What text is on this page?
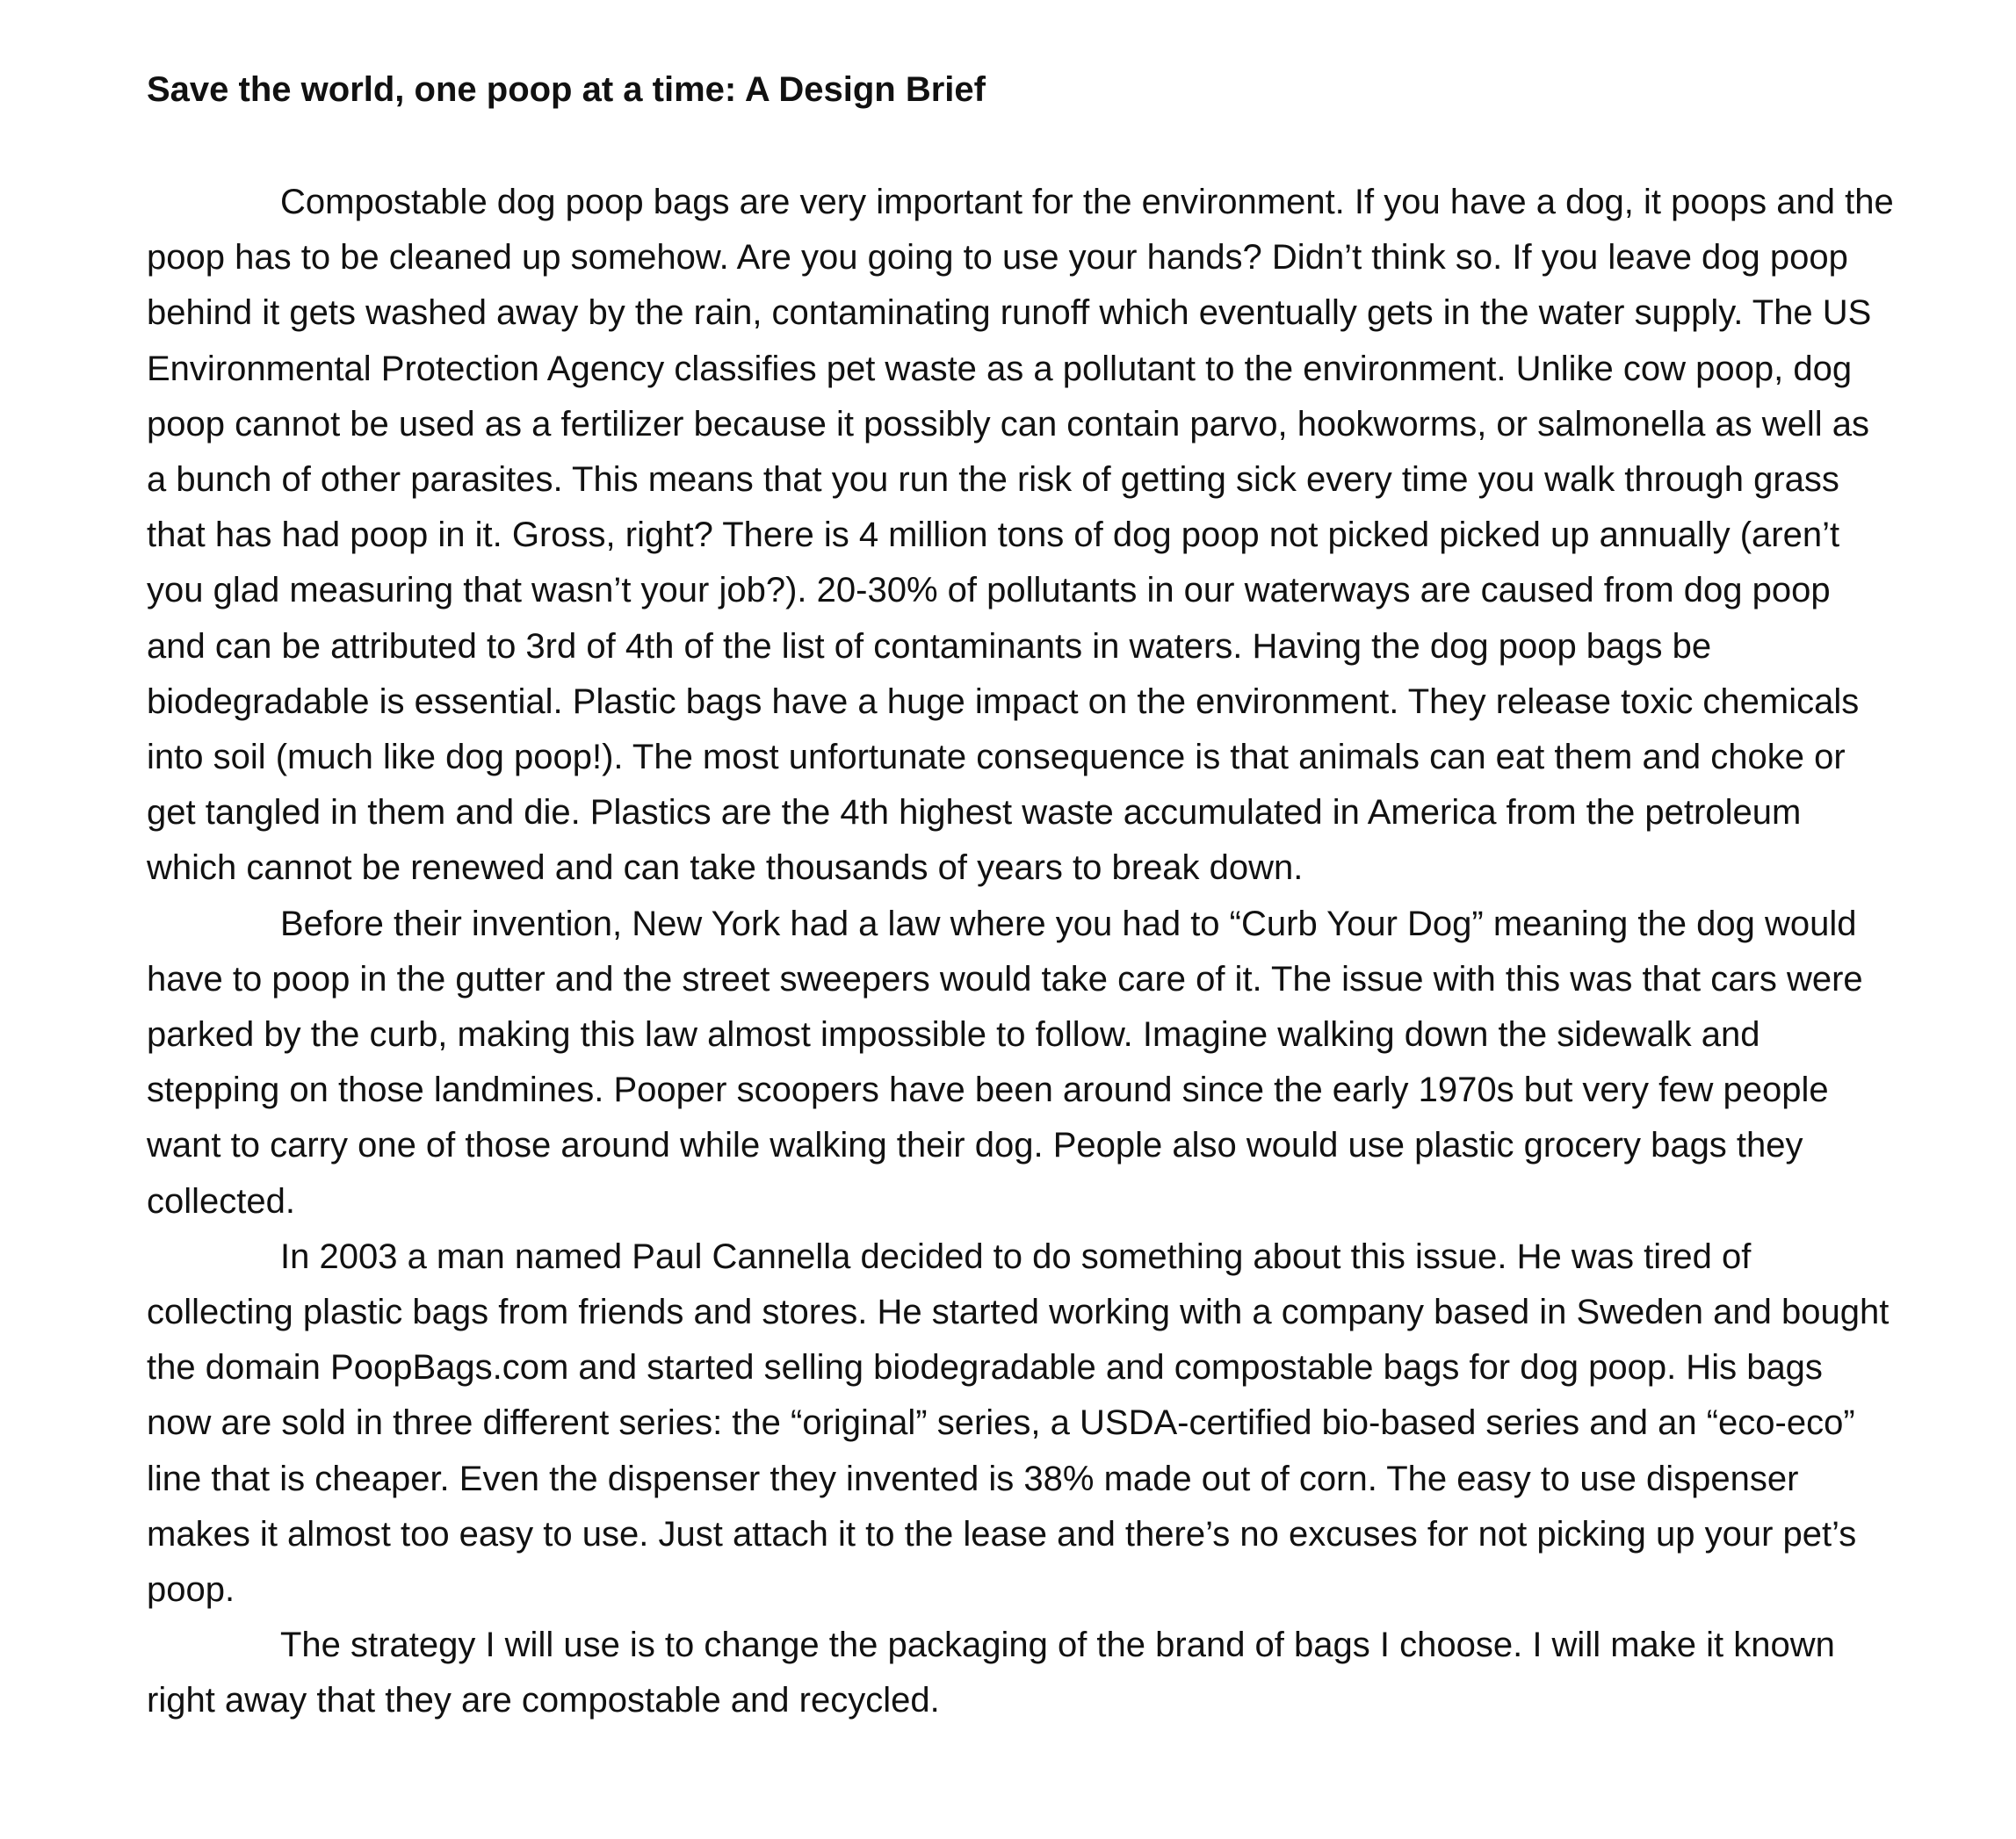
Save the world, one poop at a time: A Design Brief

Compostable dog poop bags are very important for the environment. If you have a dog, it poops and the poop has to be cleaned up somehow. Are you going to use your hands? Didn’t think so. If you leave dog poop behind it gets washed away by the rain, contaminating runoff which eventually gets in the water supply. The US Environmental Protection Agency classifies pet waste as a pollutant to the environment. Unlike cow poop, dog poop cannot be used as a fertilizer because it possibly can contain parvo, hookworms, or salmonella as well as a bunch of other parasites. This means that you run the risk of getting sick every time you walk through grass that has had poop in it. Gross, right? There is 4 million tons of dog poop not picked picked up annually (aren’t you glad measuring that wasn’t your job?). 20-30% of pollutants in our waterways are caused from dog poop and can be attributed to 3rd of 4th of the list of contaminants in waters. Having the dog poop bags be biodegradable is essential. Plastic bags have a huge impact on the environment. They release toxic chemicals into soil (much like dog poop!). The most unfortunate consequence is that animals can eat them and choke or get tangled in them and die. Plastics are the 4th highest waste accumulated in America from the petroleum which cannot be renewed and can take thousands of years to break down.

Before their invention, New York had a law where you had to “Curb Your Dog” meaning the dog would have to poop in the gutter and the street sweepers would take care of it. The issue with this was that cars were parked by the curb, making this law almost impossible to follow. Imagine walking down the sidewalk and stepping on those landmines. Pooper scoopers have been around since the early 1970s but very few people want to carry one of those around while walking their dog. People also would use plastic grocery bags they collected.

In 2003 a man named Paul Cannella decided to do something about this issue. He was tired of collecting plastic bags from friends and stores. He started working with a company based in Sweden and bought the domain PoopBags.com and started selling biodegradable and compostable bags for dog poop. His bags now are sold in three different series: the “original” series, a USDA-certified bio-based series and an “eco-eco” line that is cheaper. Even the dispenser they invented is 38% made out of corn. The easy to use dispenser makes it almost too easy to use. Just attach it to the lease and there’s no excuses for not picking up your pet’s poop.

The strategy I will use is to change the packaging of the brand of bags I choose. I will make it known right away that they are compostable and recycled.
